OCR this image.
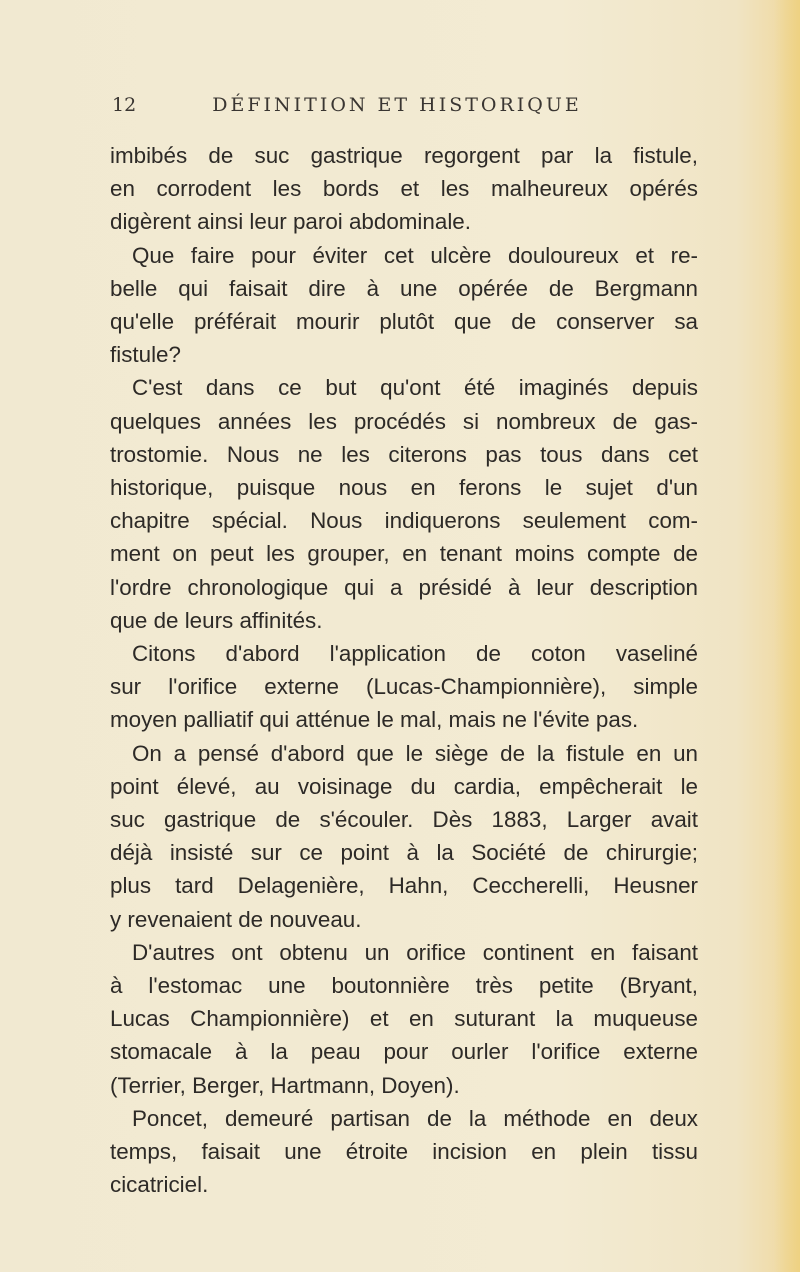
12	DÉFINITION ET HISTORIQUE
imbibés de suc gastrique regorgent par la fistule,
en corrodent les bords et les malheureux opérés
digèrent ainsi leur paroi abdominale.
Que faire pour éviter cet ulcère douloureux et re-
belle qui faisait dire à une opérée de Bergmann
qu'elle préférait mourir plutôt que de conserver sa
fistule?
C'est dans ce but qu'ont été imaginés depuis
quelques années les procédés si nombreux de gas-
trostomie. Nous ne les citerons pas tous dans cet
historique, puisque nous en ferons le sujet d'un
chapitre spécial. Nous indiquerons seulement com-
ment on peut les grouper, en tenant moins compte de
l'ordre chronologique qui a présidé à leur description
que de leurs affinités.
Citons d'abord l'application de coton vaseliné
sur l'orifice externe (Lucas-Championnière), simple
moyen palliatif qui atténue le mal, mais ne l'évite pas.
On a pensé d'abord que le siège de la fistule en un
point élevé, au voisinage du cardia, empêcherait le
suc gastrique de s'écouler. Dès 1883, Larger avait
déjà insisté sur ce point à la Société de chirurgie;
plus tard Delagenière, Hahn, Ceccherelli, Heusner
y revenaient de nouveau.
D'autres ont obtenu un orifice continent en faisant
à l'estomac une boutonnière très petite (Bryant,
Lucas Championnière) et en suturant la muqueuse
stomacale à la peau pour ourler l'orifice externe
(Terrier, Berger, Hartmann, Doyen).
Poncet, demeuré partisan de la méthode en deux
temps, faisait une étroite incision en plein tissu
cicatriciel.
